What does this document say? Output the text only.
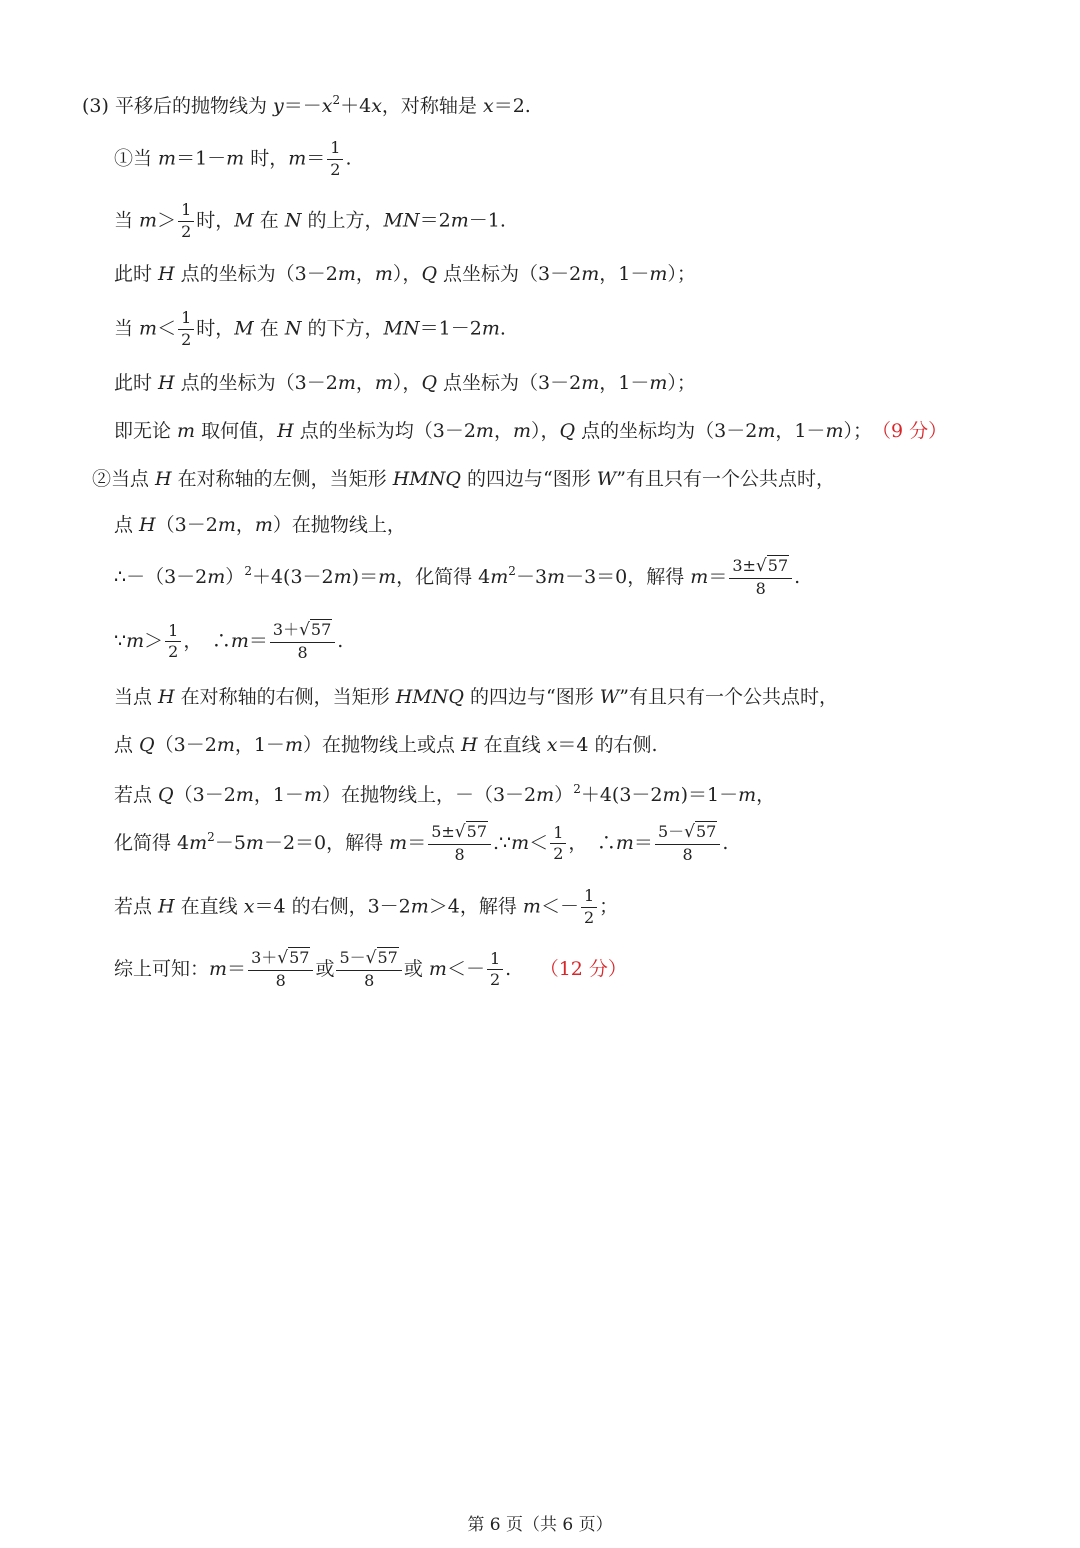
(3) 平移后的抛物线为 $y=-x^2+4x$，对称轴是 x＝2.
①当 m＝1－m 时，$m= \frac{1}{2}$ .
当 $m> \frac{1}{2}$ 时，M 在 N 的上方，MN＝2m－1.
此时 H 点的坐标为（3－2m，m），Q 点坐标为（3－2m，1－m）；
当 $m< \frac{1}{2}$ 时，M 在 N 的下方，MN＝1－2m.
此时 H 点的坐标为（3－2m，m），Q 点坐标为（3－2m，1－m）；
即无论 m 取何值，H 点的坐标为均（3－2m，m），Q 点的坐标均为（3－2m，1－m）；　（9 分）
②当点 H 在对称轴的左侧，当矩形 HMNQ 的四边与“图形 W”有且只有一个公共点时，
点 H（3－2m，m）在抛物线上，
$\therefore-(3-2m)^2+4(3-2m)=m$，化简得 $4m^2-3m-3=0$，解得 $m= \frac{3\pm√57}{8}$ .
∵m＞ $\frac{1}{2}$ ，　∴m＝ $\frac{3+√57}{8}$ .
当点 H 在对称轴的右侧，当矩形 HMNQ 的四边与“图形 W”有且只有一个公共点时，
点 Q（3－2m，1－m）在抛物线上或点 H 在直线 x＝4 的右侧.
若点 Q（3－2m，1－m）在抛物线上，$-(3-2m)^2+4(3-2m)=1-m$，
化简得 $4m^2-5m-2=0$，解得 $m= \frac{5\pm√57}{8}$ .∵m＜ $\frac{1}{2}$ ，　∴m＝ $\frac{5-√57}{8}$ .
若点 H 在直线 x＝4 的右侧，3－2m＞4，解得 $m<- \frac{1}{2}$ ；
综上可知：$m= \frac{3+√57}{8}$ 或 $\frac{5-√57}{8}$ 或 $m<- \frac{1}{2}$ .　　（12 分）
第 6 页（共 6 页）
